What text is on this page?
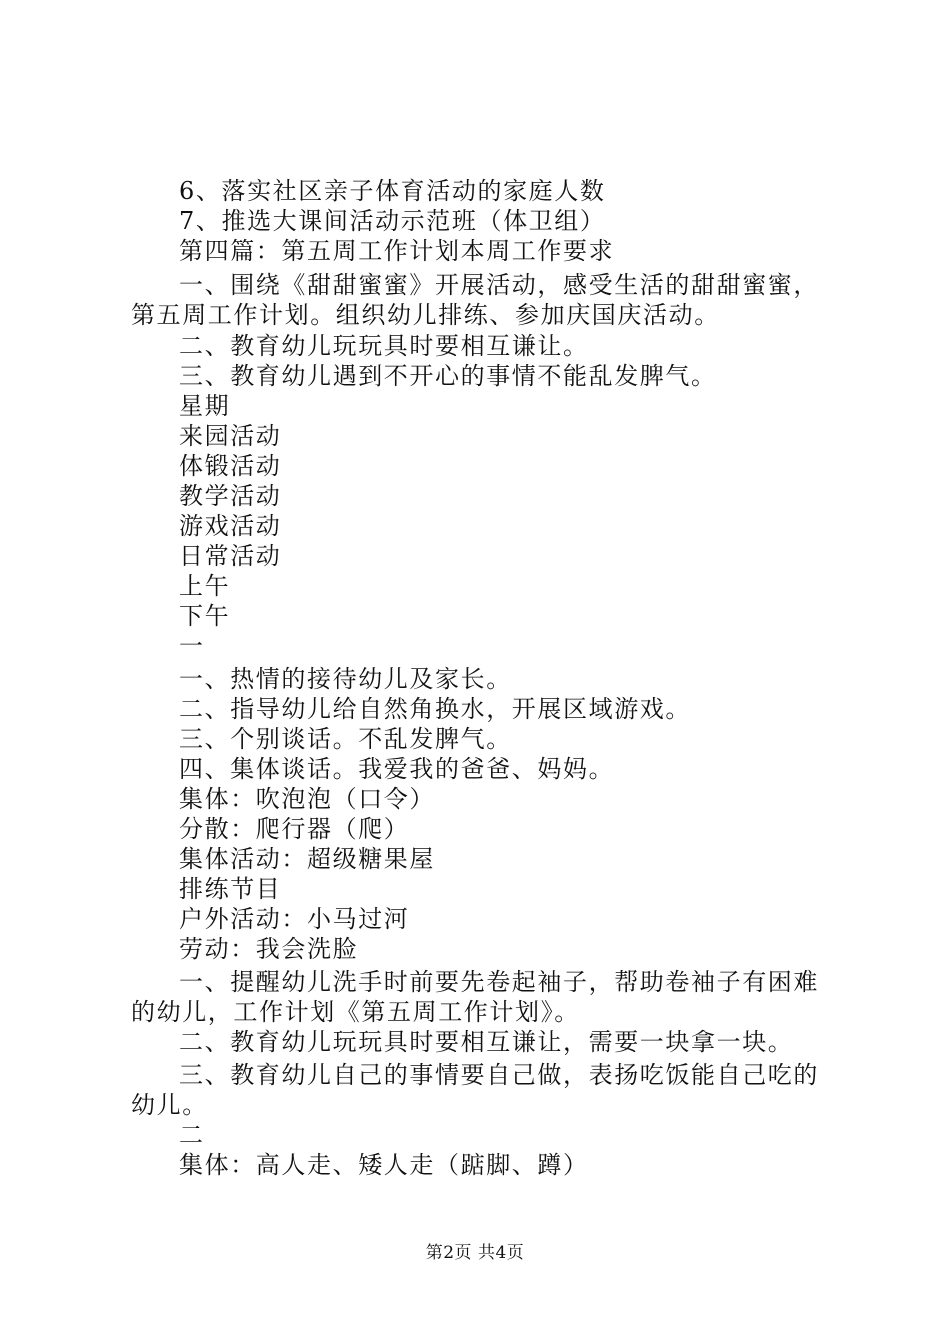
6、落实社区亲子体育活动的家庭人数
7、推选大课间活动示范班（体卫组）
第四篇：第五周工作计划本周工作要求
一、围绕《甜甜蜜蜜》开展活动，感受生活的甜甜蜜蜜，
第五周工作计划。组织幼儿排练、参加庆国庆活动。
二、教育幼儿玩玩具时要相互谦让。
三、教育幼儿遇到不开心的事情不能乱发脾气。
星期
来园活动
体锻活动
教学活动
游戏活动
日常活动
上午
下午
一
一、热情的接待幼儿及家长。
二、指导幼儿给自然角换水，开展区域游戏。
三、个别谈话。不乱发脾气。
四、集体谈话。我爱我的爸爸、妈妈。
集体：吹泡泡（口令）
分散：爬行器（爬）
集体活动：超级糖果屋
排练节目
户外活动：小马过河
劳动：我会洗脸
一、提醒幼儿洗手时前要先卷起袖子，帮助卷袖子有困难
的幼儿，工作计划《第五周工作计划》。
二、教育幼儿玩玩具时要相互谦让，需要一块拿一块。
三、教育幼儿自己的事情要自己做，表扬吃饭能自己吃的
幼儿。
二
集体：高人走、矮人走（踮脚、蹲）
第2页 共4页
